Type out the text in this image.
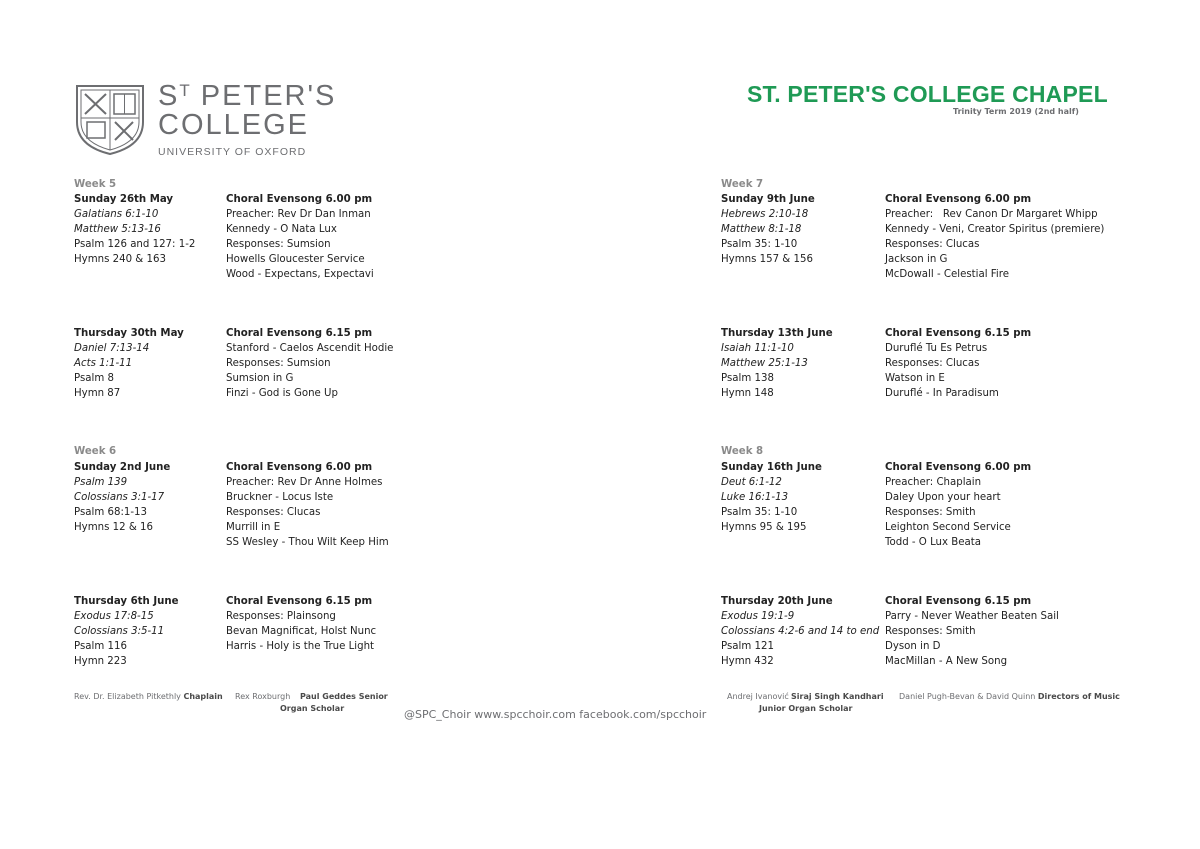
$S^T$ PETER'S
COLLEGE
UNIVERSITY OF OXFORD
ST. PETER'S COLLEGE CHAPEL
Trinity Term 2019 (2nd half)
Week 5
Week 6
Week 7
Week 8
Sunday 26th May
Galatians 6:1-10
Matthew 5:13-16
Psalm 126 and 127: 1-2
Hymns 240 & 163
Choral Evensong 6.00 pm
Preacher: Rev Dr Dan Inman
Kennedy - O Nata Lux
Responses: Sumsion
Howells Gloucester Service
Wood - Expectans, Expectavi
Thursday 30th May
Daniel 7:13-14
Acts 1:1-11
Psalm 8
Hymn 87
Choral Evensong 6.15 pm
Stanford - Caelos Ascendit Hodie
Responses: Sumsion
Sumsion in G
Finzi - God is Gone Up
Sunday 2nd June
Psalm 139
Colossians 3:1-17
Psalm 68:1-13
Hymns 12 & 16
Choral Evensong 6.00 pm
Preacher: Rev Dr Anne Holmes
Bruckner - Locus Iste
Responses: Clucas
Murrill in E
SS Wesley - Thou Wilt Keep Him
Thursday 6th June
Exodus 17:8-15
Colossians 3:5-11
Psalm 116
Hymn 223
Choral Evensong 6.15 pm
Responses: Plainsong
Bevan Magnificat, Holst Nunc
Harris - Holy is the True Light
Sunday 9th June
Hebrews 2:10-18
Matthew 8:1-18
Psalm 35: 1-10
Hymns 157 & 156
Choral Evensong 6.00 pm
Preacher:   Rev Canon Dr Margaret Whipp
Kennedy - Veni, Creator Spiritus (premiere)
Responses: Clucas
Jackson in G
McDowall - Celestial Fire
Thursday 13th June
Isaiah 11:1-10
Matthew 25:1-13
Psalm 138
Hymn 148
Choral Evensong 6.15 pm
Duruflé Tu Es Petrus
Responses: Clucas
Watson in E
Duruflé - In Paradisum
Sunday 16th June
Deut 6:1-12
Luke 16:1-13
Psalm 35: 1-10
Hymns 95 & 195
Choral Evensong 6.00 pm
Preacher: Chaplain
Daley Upon your heart
Responses: Smith
Leighton Second Service
Todd - O Lux Beata
Thursday 20th June
Exodus 19:1-9
Colossians 4:2-6 and 14 to end
Psalm 121
Hymn 432
Choral Evensong 6.15 pm
Parry - Never Weather Beaten Sail
Responses: Smith
Dyson in D
MacMillan - A New Song
Rev. Dr. Elizabeth Pitkethly Chaplain Rex Roxburgh Paul Geddes Senior
Organ Scholar	@SPC_Choir www.spcchoir.com facebook.com/spcchoir
Andrej Ivanović Siraj Singh Kandhari
Junior Organ Scholar
Daniel Pugh-Bevan & David Quinn Directors of Music
